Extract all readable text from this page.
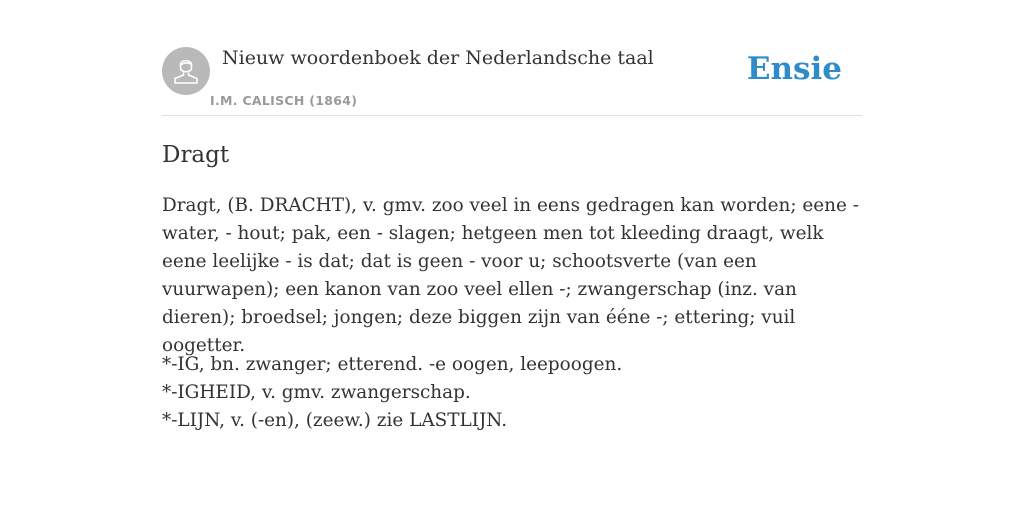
Nieuw woordenboek der Nederlandsche taal
I.M. CALISCH (1864)
Ensie
Dragt

Dragt, (B. DRACHT), v. gmv. zoo veel in eens gedragen kan worden; eene - water, - hout; pak, een - slagen; hetgeen men tot kleeding draagt, welk eene leelijke - is dat; dat is geen - voor u; schootsverte (van een vuurwapen); een kanon van zoo veel ellen -; zwangerschap (inz. van dieren); broedsel; jongen; deze biggen zijn van ééne -; ettering; vuil oogetter.

*-IG, bn. zwanger; etterend. -e oogen, leepoogen.
*-IGHEID, v. gmv. zwangerschap.
*-LIJN, v. (-en), (zeew.) zie LASTLIJN.
